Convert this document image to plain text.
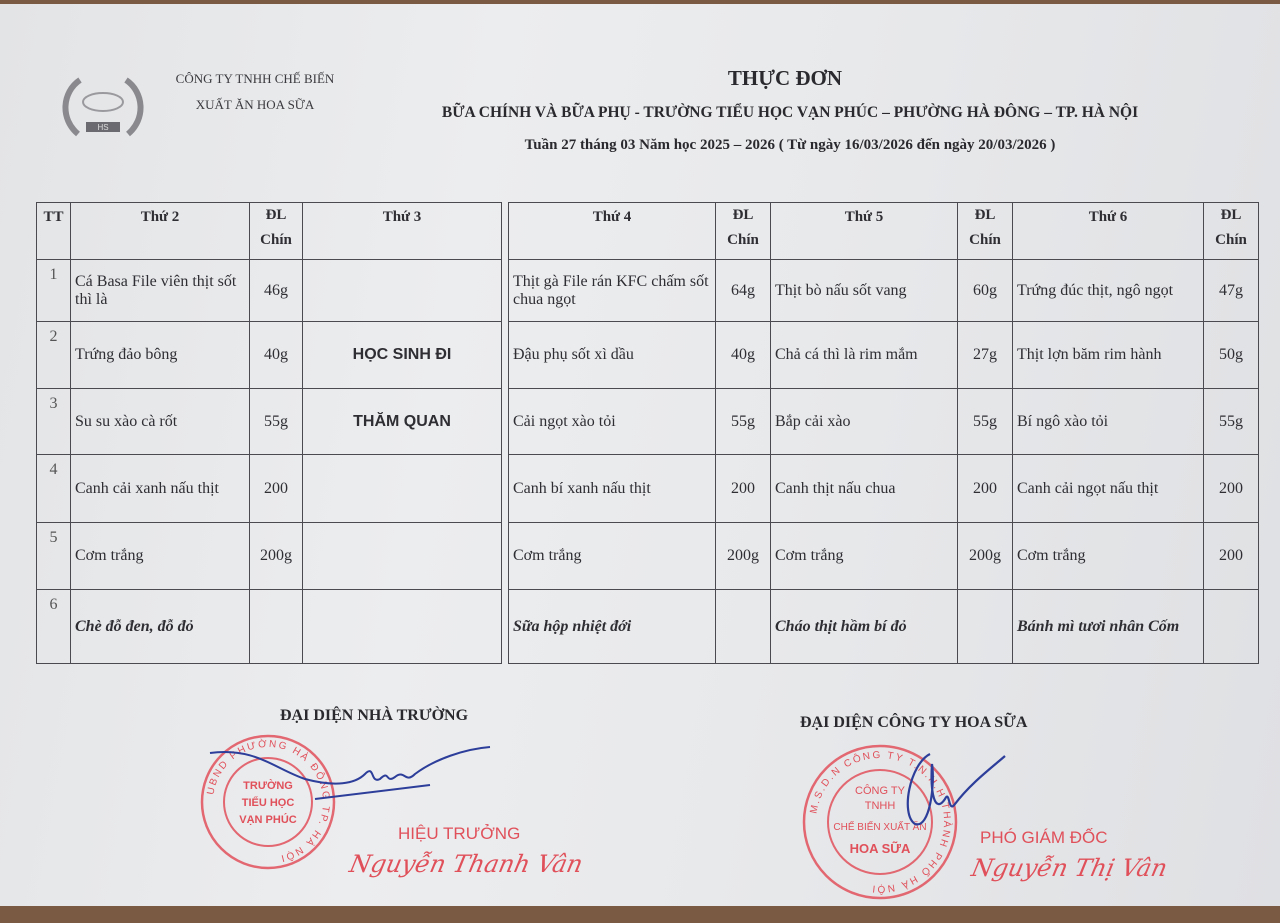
HS
CÔNG TY TNHH CHẾ BIẾN
XUẤT ĂN HOA SỮA
THỰC ĐƠN
BỮA CHÍNH VÀ BỮA PHỤ - TRƯỜNG TIỂU HỌC VẠN PHÚC – PHƯỜNG HÀ ĐÔNG – TP. HÀ NỘI
Tuần 27 tháng 03 Năm học 2025 – 2026 ( Từ ngày 16/03/2026 đến ngày 20/03/2026 )
TT	Thứ 2	ĐL Chín	Thứ 3		Thứ 4	ĐL Chín	Thứ 5	ĐL Chín	Thứ 6	ĐL Chín
1	Cá Basa File viên thịt sốt thì là	46g			Thịt gà File rán KFC chấm sốt chua ngọt	64g	Thịt bò nấu sốt vang	60g	Trứng đúc thịt, ngô ngọt	47g
2	Trứng đảo bông	40g	HỌC SINH ĐI		Đậu phụ sốt xì dầu	40g	Chả cá thì là rim mắm	27g	Thịt lợn băm rim hành	50g
3	Su su xào cà rốt	55g	THĂM QUAN		Cải ngọt xào tỏi	55g	Bắp cải xào	55g	Bí ngô xào tỏi	55g
4	Canh cải xanh nấu thịt	200			Canh bí xanh nấu thịt	200	Canh thịt nấu chua	200	Canh cải ngọt nấu thịt	200
5	Cơm trắng	200g			Cơm trắng	200g	Cơm trắng	200g	Cơm trắng	200
6	Chè đỗ đen, đỗ đỏ				Sữa hộp nhiệt đới		Cháo thịt hầm bí đỏ		Bánh mì tươi nhân Cốm	
UBND PHƯỜNG HÀ ĐÔNG TP. HÀ NỘI
TRƯỜNG
TIỂU HỌC
VẠN PHÚC
ĐẠI DIỆN NHÀ TRƯỜNG
HIỆU TRƯỞNG
Nguyễn Thanh Vân
M.S.D.N CÔNG TY T.N.H.H THÀNH PHỐ HÀ NỘI
CÔNG TY
TNHH
CHẾ BIẾN XUẤT ĂN
HOA SỮA
ĐẠI DIỆN CÔNG TY HOA SỮA
PHÓ GIÁM ĐỐC
Nguyễn Thị Vân
